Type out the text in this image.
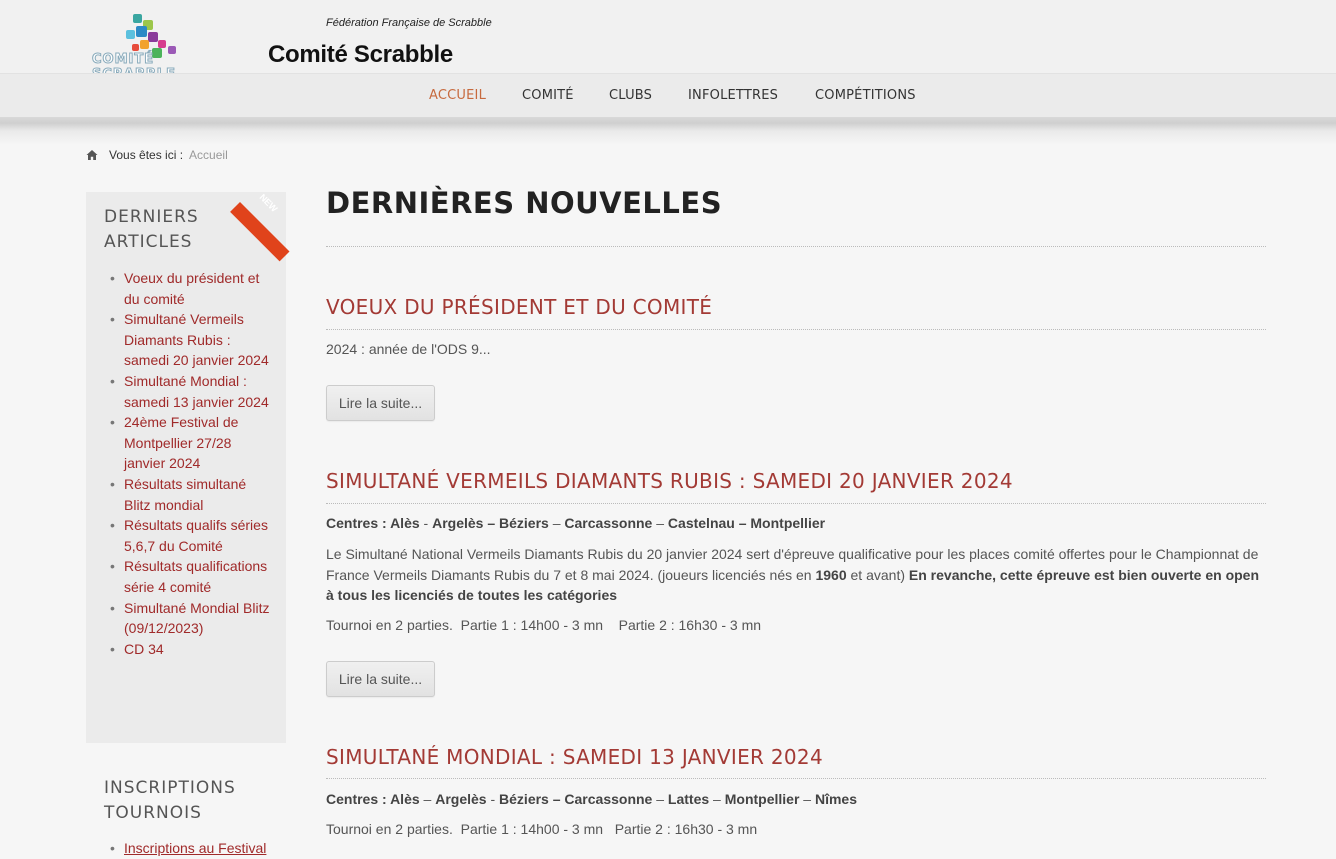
COMITÉ
Fédération Française de Scrabble
Comité Scrabble
ACCUEIL	COMITÉ	CLUBS	INFOLETTRES	COMPÉTITIONS
Vous êtes ici : Accueil
NEW
DERNIERS
ARTICLES
• Voeux du président et du comité
• Simultané Vermeils Diamants Rubis : samedi 20 janvier 2024
• Simultané Mondial : samedi 13 janvier 2024
• 24ème Festival de Montpellier 27/28 janvier 2024
• Résultats simultané Blitz mondial
• Résultats qualifs séries 5,6,7 du Comité
• Résultats qualifications série 4 comité
• Simultané Mondial Blitz (09/12/2023)
• CD 34
INSCRIPTIONS
TOURNOIS
• Inscriptions au Festival
DERNIÈRES NOUVELLES
VOEUX DU PRÉSIDENT ET DU COMITÉ
2024 : année de l'ODS 9...
Lire la suite...
SIMULTANÉ VERMEILS DIAMANTS RUBIS : SAMEDI 20 JANVIER 2024
Centres : Alès - Argelès – Béziers – Carcassonne – Castelnau – Montpellier
Le Simultané National Vermeils Diamants Rubis du 20 janvier 2024 sert d'épreuve qualificative pour les places comité offertes pour le Championnat de France Vermeils Diamants Rubis du 7 et 8 mai 2024. (joueurs licenciés nés en 1960 et avant) En revanche, cette épreuve est bien ouverte en open à tous les licenciés de toutes les catégories
Tournoi en 2 parties.  Partie 1 : 14h00 - 3 mn    Partie 2 : 16h30 - 3 mn
Lire la suite...
SIMULTANÉ MONDIAL : SAMEDI 13 JANVIER 2024
Centres : Alès – Argelès - Béziers – Carcassonne – Lattes – Montpellier – Nîmes
Tournoi en 2 parties.  Partie 1 : 14h00 - 3 mn   Partie 2 : 16h30 - 3 mn
